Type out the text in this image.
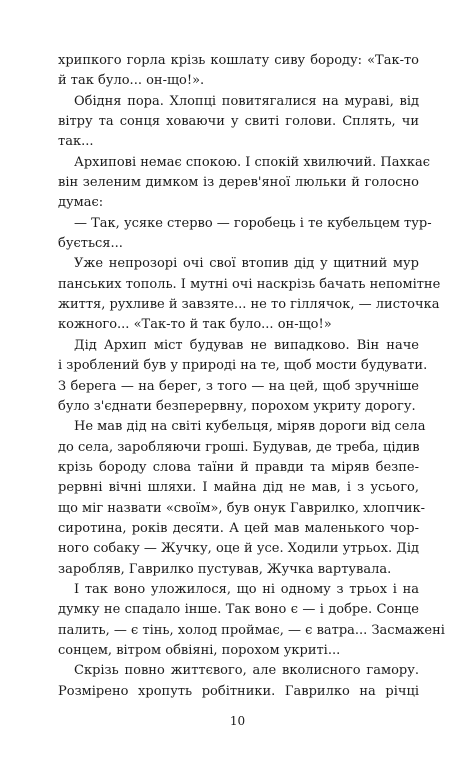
хрипкого горла крізь кошлату сиву бороду: «Так-то
й так було... он-що!».
Обідня пора. Хлопці повитягалися на мураві, від
вітру та сонця ховаючи у свиті голови. Сплять, чи
так...
Архипові немає спокою. І спокій хвилючий. Пахкає
він зеленим димком із дерев'яної люльки й голосно
думає:
— Так, усяке стерво — горобець і те кубельцем тур-
бується...
Уже непрозорі очі свої втопив дід у щитний мур
панських тополь. І мутні очі наскрізь бачать непомітне
життя, рухливе й завзяте... не то гіллячок, — листочка
кожного... «Так-то й так було... он-що!»
Дід Архип міст будував не випадково. Він наче
і зроблений був у природі на те, щоб мости будувати.
З берега — на берег, з того — на цей, щоб зручніше
було з'єднати безперервну, порохом укриту дорогу.
Не мав дід на світі кубельця, міряв дороги від села
до села, заробляючи гроші. Будував, де треба, цідив
крізь бороду слова таїни й правди та міряв безпе-
рервні вічні шляхи. І майна дід не мав, і з усього,
що міг назвати «своїм», був онук Гаврилко, хлопчик-
сиротина, років десяти. А цей мав маленького чор-
ного собаку — Жучку, оце й усе. Ходили утрьох. Дід
заробляв, Гаврилко пустував, Жучка вартувала.
І так воно уложилося, що ні одному з трьох і на
думку не спадало інше. Так воно є — і добре. Сонце
палить, — є тінь, холод проймає, — є ватра... Засмажені
сонцем, вітром обвіяні, порохом укриті...
Скрізь повно життєвого, але вколисного гамору.
Розмірено хропуть робітники. Гаврилко на річці
10
